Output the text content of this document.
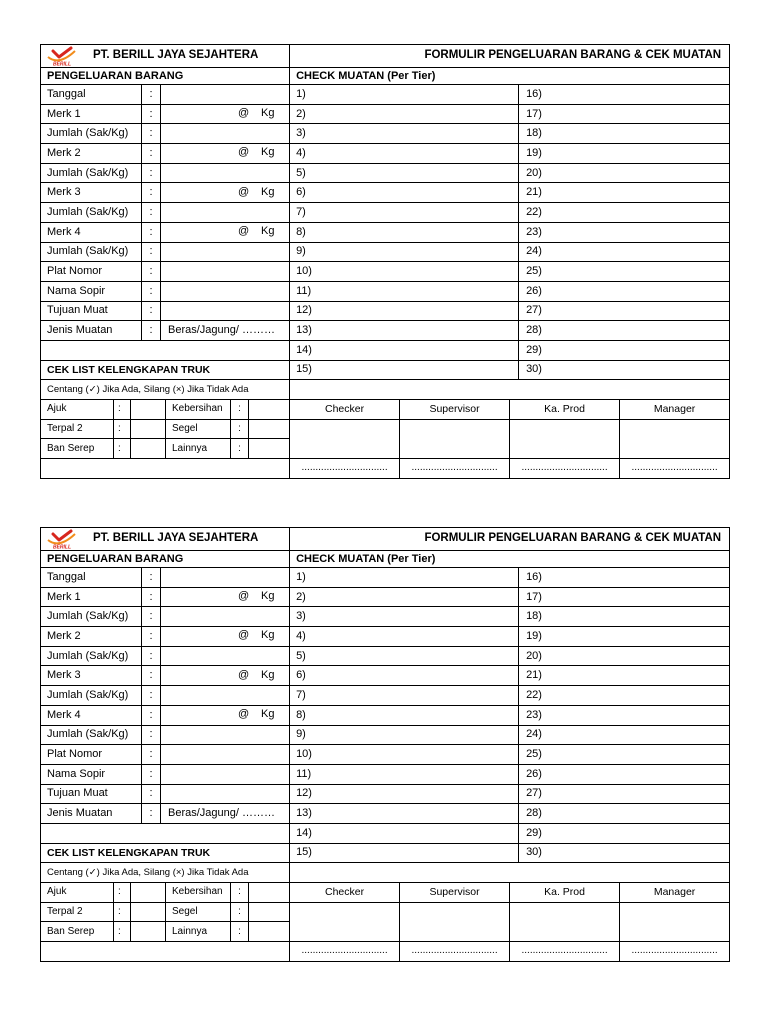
BERILL
PT. BERILL JAYA SEJAHTERA								FORMULIR PENGELUARAN BARANG & CEK MUATAN				
PENGELUARAN BARANG								CHECK MUATAN (Per Tier)				
Tanggal			:					1)			16)	
Merk 1			:	@ Kg				2)			17)	
Jumlah (Sak/Kg)			:					3)			18)	
Merk 2			:	@ Kg				4)			19)	
Jumlah (Sak/Kg)			:					5)			20)	
Merk 3			:	@ Kg				6)			21)	
Jumlah (Sak/Kg)			:					7)			22)	
Merk 4			:	@ Kg				8)			23)	
Jumlah (Sak/Kg)			:					9)			24)	
Plat Nomor			:					10)			25)	
Nama Sopir			:					11)			26)	
Tujuan Muat			:					12)			27)	
Jenis Muatan			:	Beras/Jagung/ ………				13)			28)	
								14)			29)	
CEK LIST KELENGKAPAN TRUK								15)			30)	
Centang (✓) Jika Ada, Silang (×) Jika Tidak Ada												
Ajuk	:				Kebersihan	:		Checker	Supervisor	Ka. Prod		Manager
Terpal 2	:				Segel	:						
Ban Serep	:				Lainnya	:						
								...............................	...............................	...............................		...............................
BERILL
PT. BERILL JAYA SEJAHTERA								FORMULIR PENGELUARAN BARANG & CEK MUATAN				
PENGELUARAN BARANG								CHECK MUATAN (Per Tier)				
Tanggal			:					1)			16)	
Merk 1			:	@ Kg				2)			17)	
Jumlah (Sak/Kg)			:					3)			18)	
Merk 2			:	@ Kg				4)			19)	
Jumlah (Sak/Kg)			:					5)			20)	
Merk 3			:	@ Kg				6)			21)	
Jumlah (Sak/Kg)			:					7)			22)	
Merk 4			:	@ Kg				8)			23)	
Jumlah (Sak/Kg)			:					9)			24)	
Plat Nomor			:					10)			25)	
Nama Sopir			:					11)			26)	
Tujuan Muat			:					12)			27)	
Jenis Muatan			:	Beras/Jagung/ ………				13)			28)	
								14)			29)	
CEK LIST KELENGKAPAN TRUK								15)			30)	
Centang (✓) Jika Ada, Silang (×) Jika Tidak Ada												
Ajuk	:				Kebersihan	:		Checker	Supervisor	Ka. Prod		Manager
Terpal 2	:				Segel	:						
Ban Serep	:				Lainnya	:						
								...............................	...............................	...............................		...............................
